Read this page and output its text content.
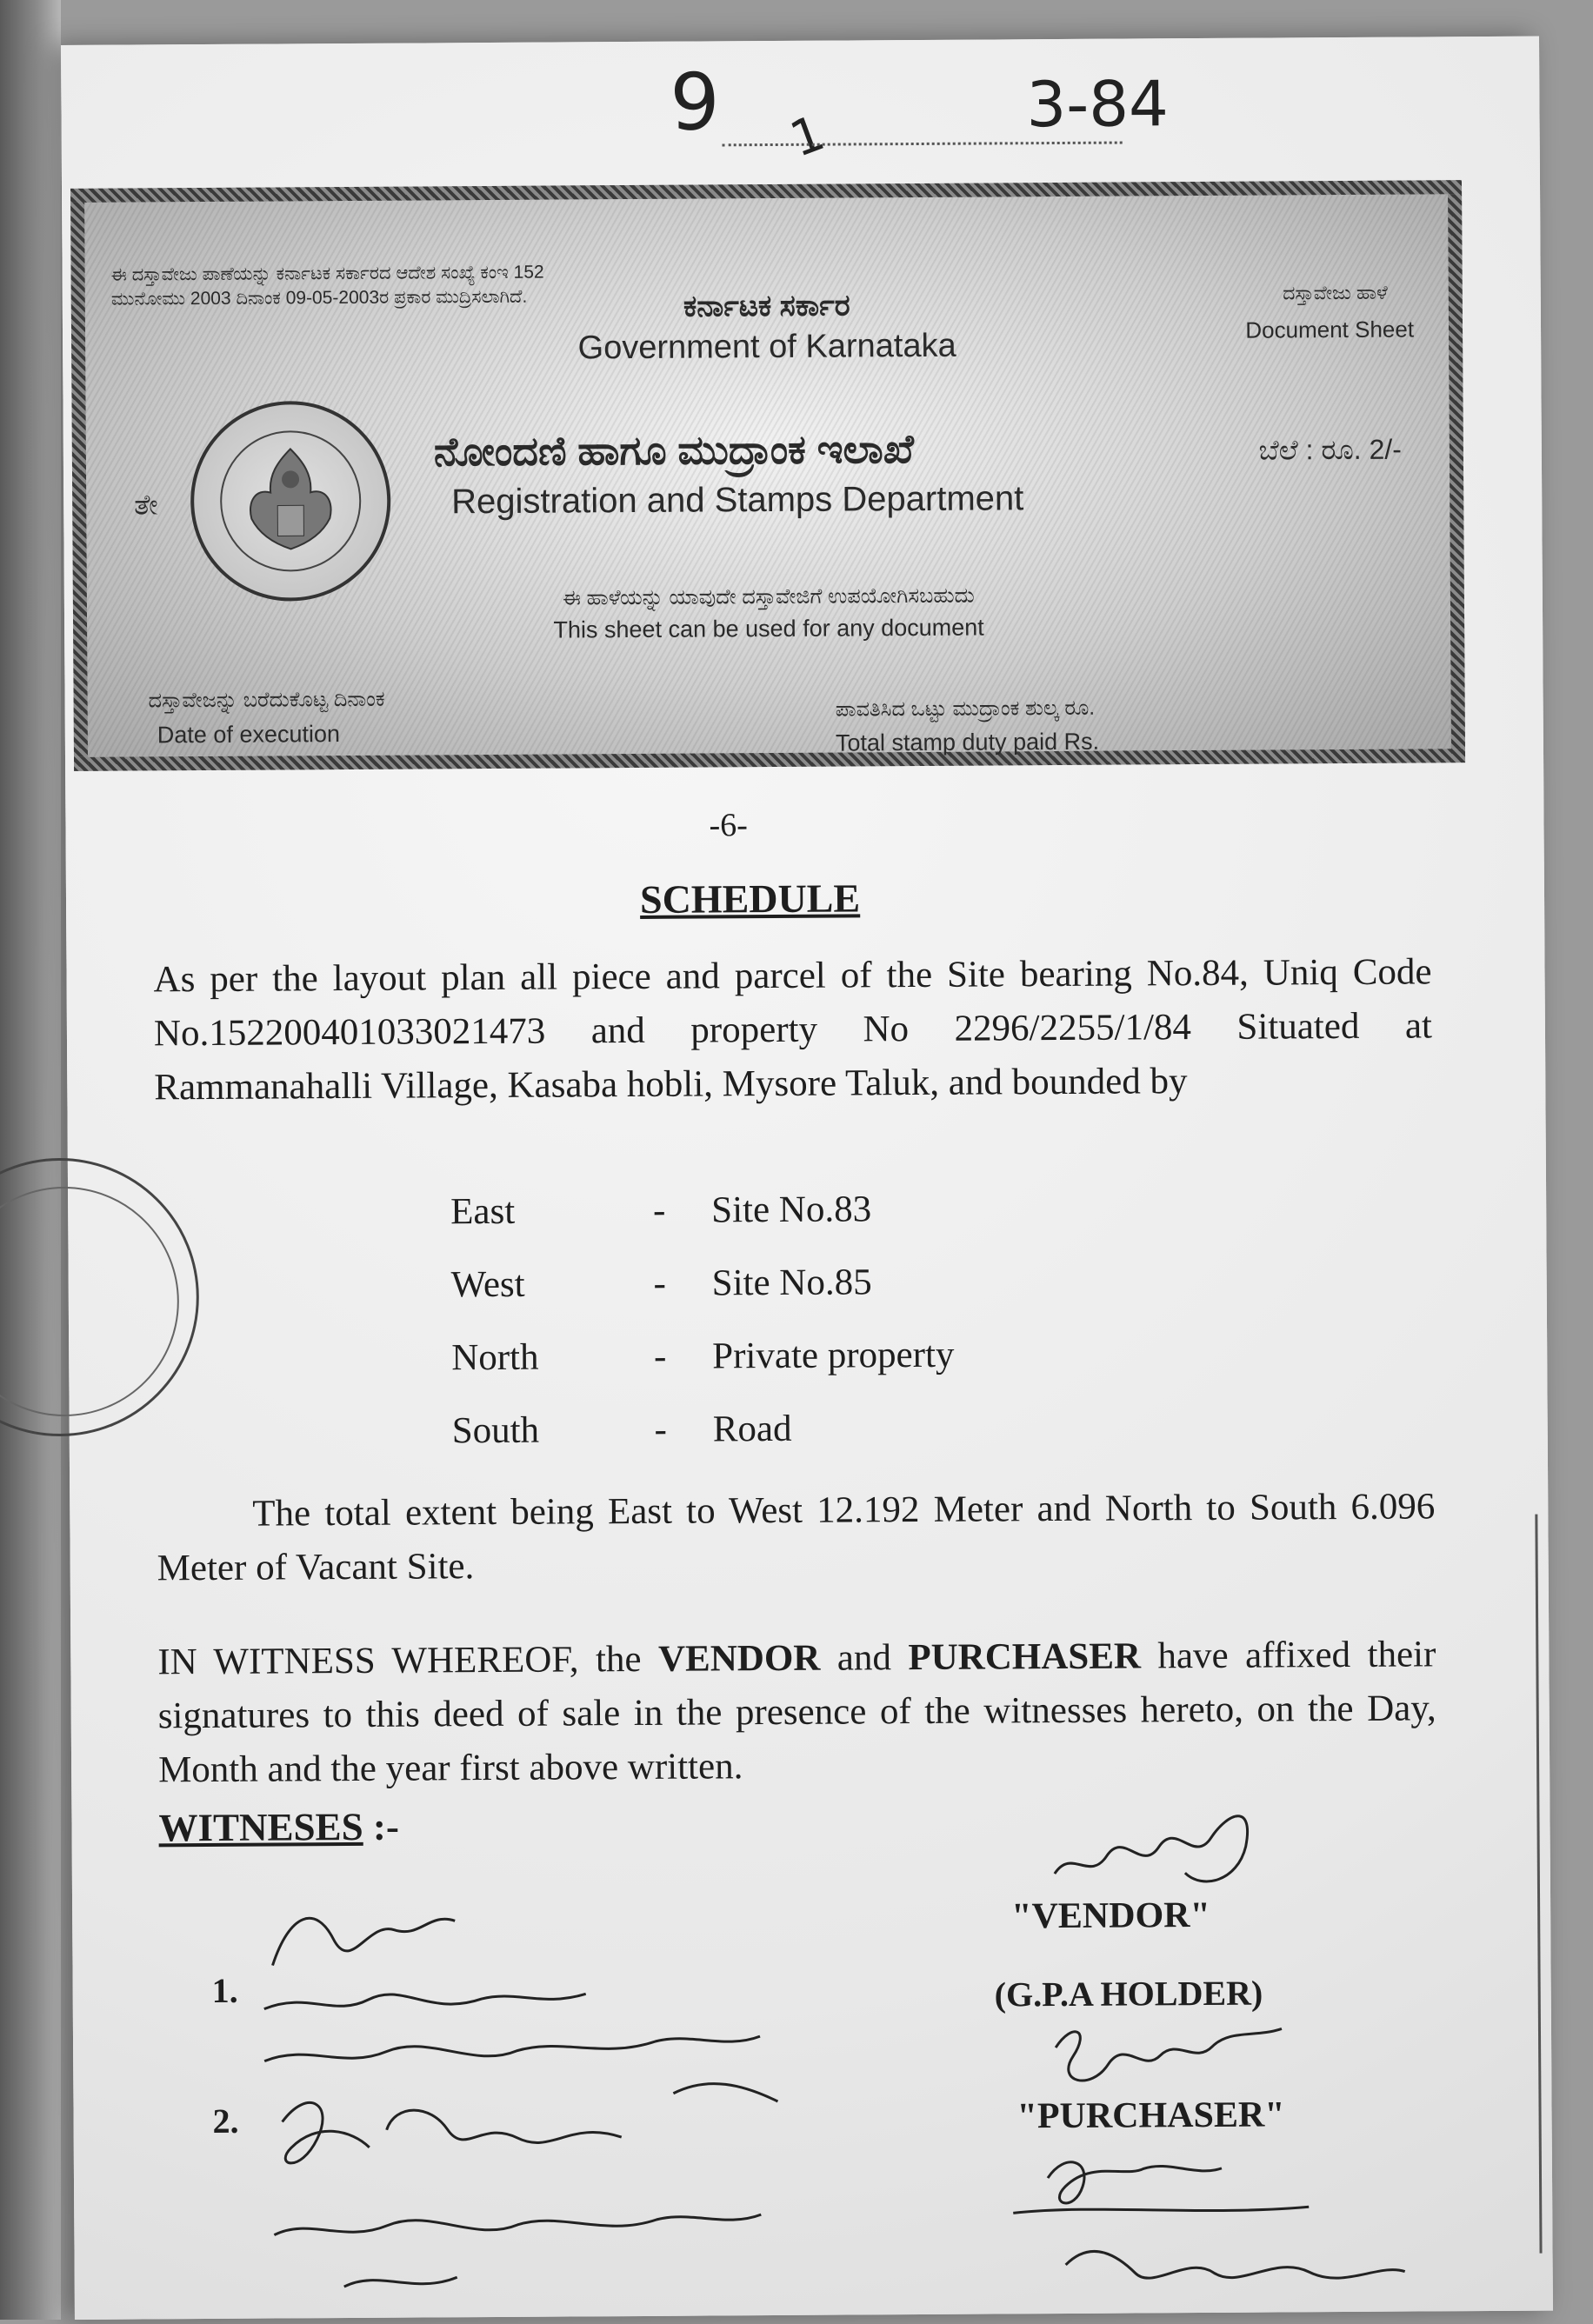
9 1	3-84
ಈ ದಸ್ತಾವೇಜು ಪಾಣೆಯನ್ನು ಕರ್ನಾಟಕ ಸರ್ಕಾರದ ಆದೇಶ ಸಂಖ್ಯೆ ಕಂಇ 152 ಮುನೋಮು 2003 ದಿನಾಂಕ 09-05-2003ರ ಪ್ರಕಾರ ಮುದ್ರಿಸಲಾಗಿದೆ.	ಕರ್ನಾಟಕ ಸರ್ಕಾರ
Government of Karnataka
ದಸ್ತಾವೇಜು ಹಾಳೆ
Document Sheet
ತೇ
ನೋಂದಣಿ ಹಾಗೂ ಮುದ್ರಾಂಕ ಇಲಾಖೆ
Registration and Stamps Department
ಬೆಲೆ : ರೂ. 2/-
ಈ ಹಾಳೆಯನ್ನು ಯಾವುದೇ ದಸ್ತಾವೇಜಿಗೆ ಉಪಯೋಗಿಸಬಹುದು
This sheet can be used for any document
ದಸ್ತಾವೇಜನ್ನು ಬರೆದುಕೊಟ್ಟ ದಿನಾಂಕ
Date of execution
ಪಾವತಿಸಿದ ಒಟ್ಟು ಮುದ್ರಾಂಕ ಶುಲ್ಕ ರೂ.
Total stamp duty paid Rs.
-6-
SCHEDULE
As per the layout plan all piece and parcel of the Site bearing No.84, Uniq Code No.152200401033021473 and property No 2296/2255/1/84 Situated at Rammanahalli Village, Kasaba hobli, Mysore Taluk, and bounded by
East	-	Site No.83
West	-	Site No.85
North	-	Private property
South	-	Road
The total extent being East to West 12.192 Meter and North to South 6.096 Meter of Vacant Site.
IN WITNESS WHEREOF, the VENDOR and PURCHASER have affixed their signatures to this deed of sale in the presence of the witnesses hereto, on the Day, Month and the year first above written.
WITNESES :-
1.
2.
"VENDOR"
(G.P.A HOLDER)
"PURCHASER"
